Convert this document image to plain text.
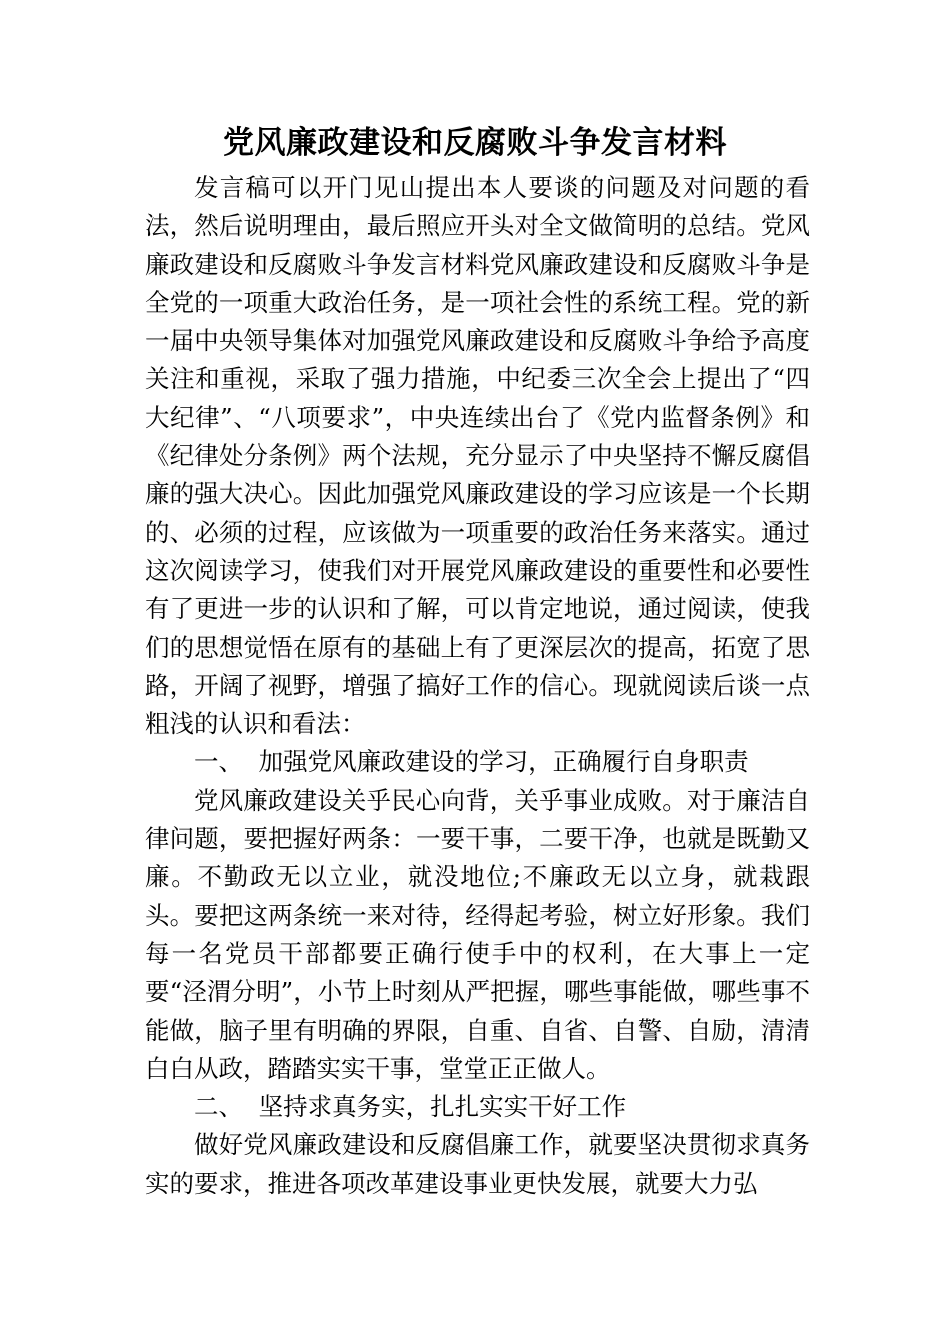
党风廉政建设和反腐败斗争发言材料

发言稿可以开门见山提出本人要谈的问题及对问题的看法，然后说明理由，最后照应开头对全文做简明的总结。党风廉政建设和反腐败斗争发言材料党风廉政建设和反腐败斗争是全党的一项重大政治任务，是一项社会性的系统工程。党的新一届中央领导集体对加强党风廉政建设和反腐败斗争给予高度关注和重视，采取了强力措施，中纪委三次全会上提出了“四大纪律”、“八项要求”，中央连续出台了《党内监督条例》和《纪律处分条例》两个法规，充分显示了中央坚持不懈反腐倡廉的强大决心。因此加强党风廉政建设的学习应该是一个长期的、必须的过程，应该做为一项重要的政治任务来落实。通过这次阅读学习，使我们对开展党风廉政建设的重要性和必要性有了更进一步的认识和了解，可以肯定地说，通过阅读，使我们的思想觉悟在原有的基础上有了更深层次的提高，拓宽了思路，开阔了视野，增强了搞好工作的信心。现就阅读后谈一点粗浅的认识和看法：

一、  加强党风廉政建设的学习，正确履行自身职责

党风廉政建设关乎民心向背，关乎事业成败。对于廉洁自律问题，要把握好两条：一要干事，二要干净，也就是既勤又廉。不勤政无以立业，就没地位;不廉政无以立身，就栽跟头。要把这两条统一来对待，经得起考验，树立好形象。我们每一名党员干部都要正确行使手中的权利，在大事上一定要“泾渭分明”，小节上时刻从严把握，哪些事能做，哪些事不能做，脑子里有明确的界限，自重、自省、自警、自励，清清白白从政，踏踏实实干事，堂堂正正做人。

二、  坚持求真务实，扎扎实实干好工作

做好党风廉政建设和反腐倡廉工作，就要坚决贯彻求真务实的要求，推进各项改革建设事业更快发展，就要大力弘
